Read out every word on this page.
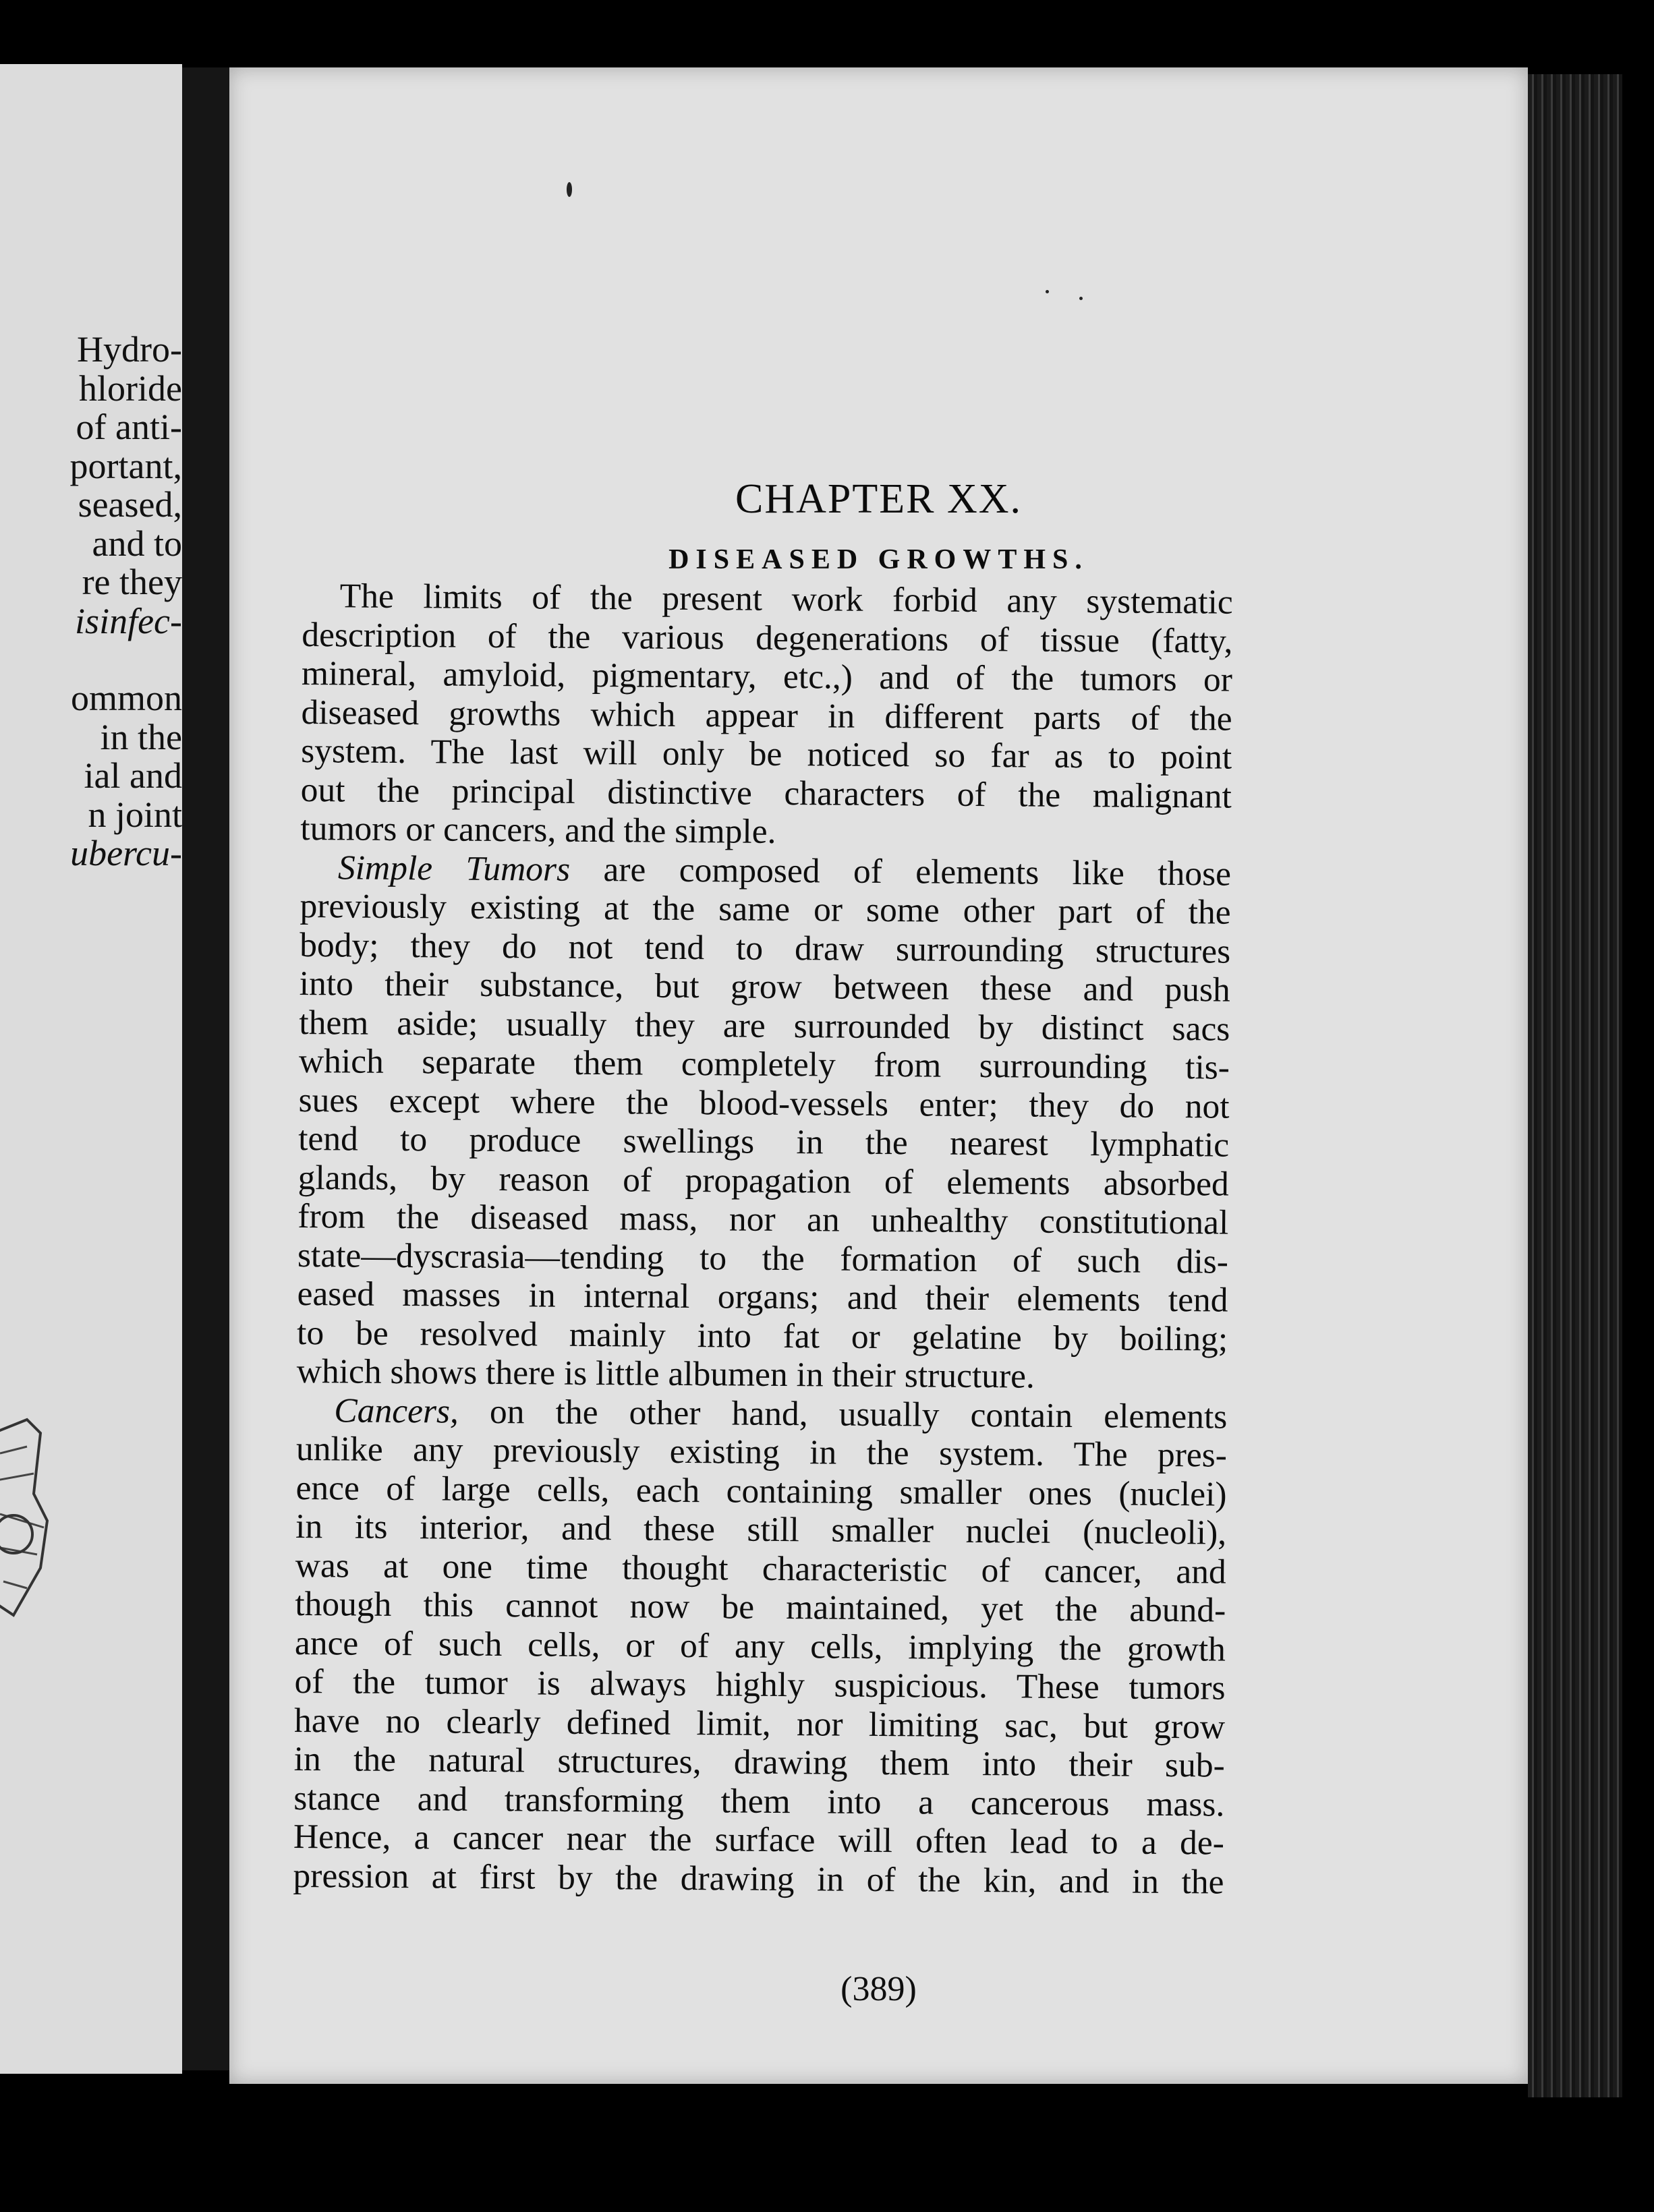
Hydro-
hloride
of anti-
portant,
seased,
and to
re they
isinfec-
ommon
in the
ial and
n joint
ubercu-
CHAPTER XX.
DISEASED GROWTHS.
The limits of the present work forbid any systematic
description of the various degenerations of tissue (fatty,
mineral, amyloid, pigmentary, etc.,) and of the tumors or
diseased growths which appear in different parts of the
system. The last will only be noticed so far as to point
out the principal distinctive characters of the malignant
tumors or cancers, and the simple.
Simple Tumors are composed of elements like those
previously existing at the same or some other part of the
body; they do not tend to draw surrounding structures
into their substance, but grow between these and push
them aside; usually they are surrounded by distinct sacs
which separate them completely from surrounding tis-
sues except where the blood-vessels enter; they do not
tend to produce swellings in the nearest lymphatic
glands, by reason of propagation of elements absorbed
from the diseased mass, nor an unhealthy constitutional
state—dyscrasia—tending to the formation of such dis-
eased masses in internal organs; and their elements tend
to be resolved mainly into fat or gelatine by boiling;
which shows there is little albumen in their structure.
Cancers, on the other hand, usually contain elements
unlike any previously existing in the system. The pres-
ence of large cells, each containing smaller ones (nuclei)
in its interior, and these still smaller nuclei (nucleoli),
was at one time thought characteristic of cancer, and
though this cannot now be maintained, yet the abund-
ance of such cells, or of any cells, implying the growth
of the tumor is always highly suspicious. These tumors
have no clearly defined limit, nor limiting sac, but grow
in the natural structures, drawing them into their sub-
stance and transforming them into a cancerous mass.
Hence, a cancer near the surface will often lead to a de-
pression at first by the drawing in of the kin, and in the
(389)
